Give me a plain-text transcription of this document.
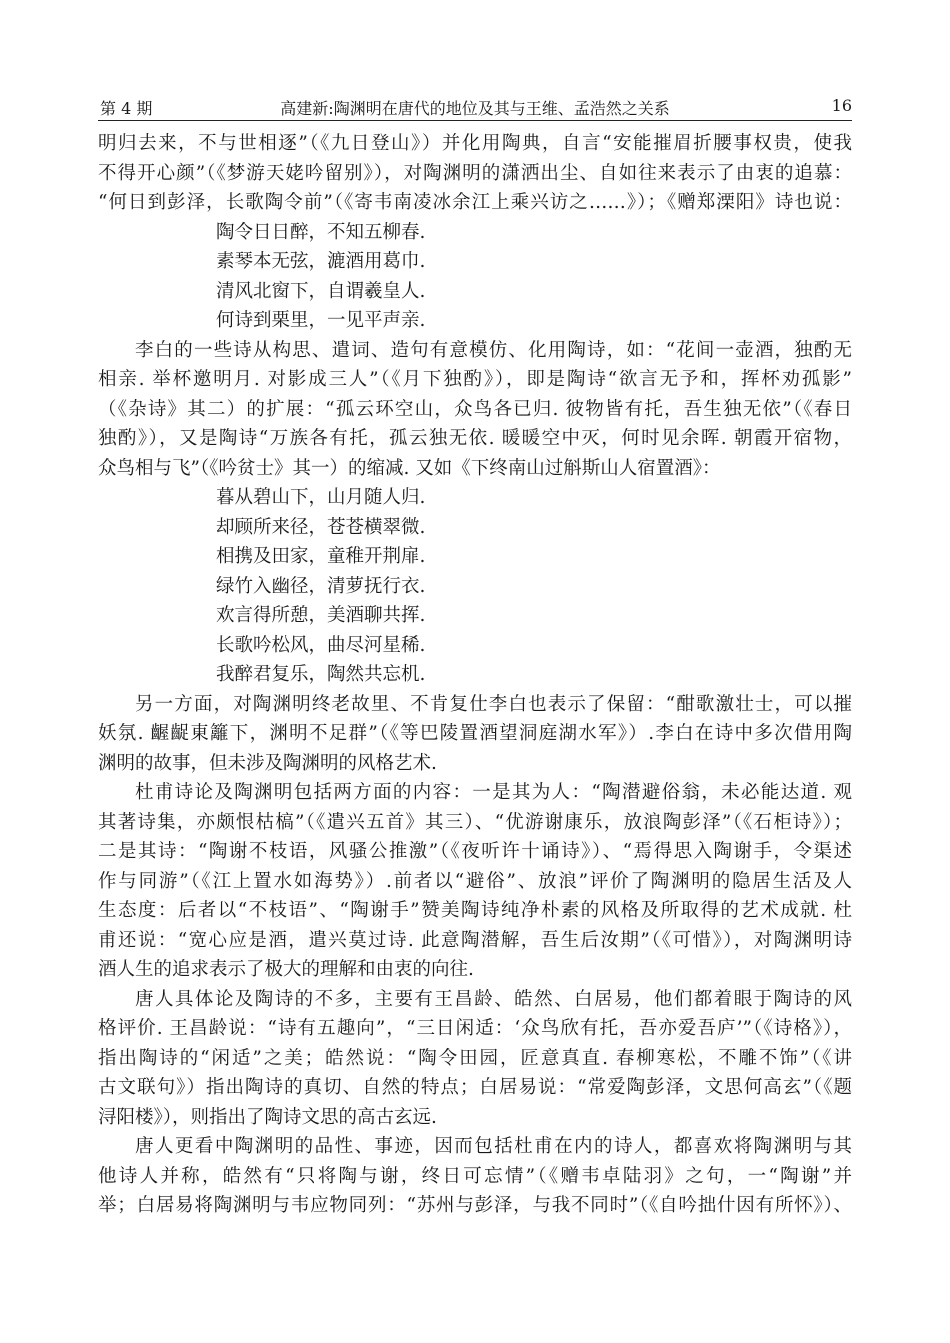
第 4 期	高建新:陶渊明在唐代的地位及其与王维、孟浩然之关系	16
明归去来，不与世相逐”（《九日登山》）并化用陶典，自言“安能摧眉折腰事权贵，使我
不得开心颜”（《梦游天姥吟留别》），对陶渊明的潇洒出尘、自如往来表示了由衷的追慕：
“何日到彭泽，长歌陶令前”（《寄韦南凌冰余江上乘兴访之……》）；《赠郑溧阳》诗也说：
陶令日日醉，不知五柳春.
素琴本无弦，漉酒用葛巾.
清风北窗下，自谓羲皇人.
何诗到栗里，一见平声亲.
李白的一些诗从构思、遣词、造句有意模仿、化用陶诗，如：“花间一壶酒，独酌无
相亲. 举杯邀明月. 对影成三人”（《月下独酌》），即是陶诗“欲言无予和，挥杯劝孤影”
（《杂诗》其二）的扩展：“孤云环空山，众鸟各已归. 彼物皆有托，吾生独无依”（《春日
独酌》），又是陶诗“万族各有托，孤云独无依. 暖暖空中灭，何时见余晖. 朝霞开宿物，
众鸟相与飞”（《吟贫士》其一）的缩减. 又如《下终南山过斛斯山人宿置酒》：
暮从碧山下，山月随人归.
却顾所来径，苍苍横翠微.
相携及田家，童稚开荆扉.
绿竹入幽径，清萝抚行衣.
欢言得所憩，美酒聊共挥.
长歌吟松风，曲尽河星稀.
我醉君复乐，陶然共忘机.
另一方面，对陶渊明终老故里、不肯复仕李白也表示了保留：“酣歌激壮士，可以摧
妖氛. 齷齪東籬下，渊明不足群”（《等巴陵置酒望洞庭湖水军》）.李白在诗中多次借用陶
渊明的故事，但未涉及陶渊明的风格艺术.
杜甫诗论及陶渊明包括两方面的内容：一是其为人：“陶潜避俗翁，未必能达道. 观
其著诗集，亦颇恨枯槁”（《遣兴五首》其三）、“优游谢康乐，放浪陶彭泽”（《石柜诗》）；
二是其诗：“陶谢不枝语，风骚公推激”（《夜听许十诵诗》）、“焉得思入陶谢手，令渠述
作与同游”（《江上置水如海势》）.前者以“避俗”、放浪”评价了陶渊明的隐居生活及人
生态度：后者以“不枝语”、“陶谢手”赞美陶诗纯净朴素的风格及所取得的艺术成就. 杜
甫还说：“宽心应是酒，遣兴莫过诗. 此意陶潜解，吾生后汝期”（《可惜》），对陶渊明诗
酒人生的追求表示了极大的理解和由衷的向往.
唐人具体论及陶诗的不多，主要有王昌龄、皓然、白居易，他们都着眼于陶诗的风
格评价. 王昌龄说：“诗有五趣向”，“三日闲适：‘众鸟欣有托，吾亦爱吾庐’”（《诗格》），
指出陶诗的“闲适”之美；皓然说：“陶令田园，匠意真直. 春柳寒松，不雕不饰”（《讲
古文联句》）指出陶诗的真切、自然的特点；白居易说：“常爱陶彭泽，文思何高玄”（《题
浔阳楼》），则指出了陶诗文思的高古玄远.
唐人更看中陶渊明的品性、事迹，因而包括杜甫在内的诗人，都喜欢将陶渊明与其
他诗人并称，皓然有“只将陶与谢，终日可忘情”（《赠韦卓陆羽》之句，一“陶谢”并
举；白居易将陶渊明与韦应物同列：“苏州与彭泽，与我不同时”（《自吟拙什因有所怀》）、
